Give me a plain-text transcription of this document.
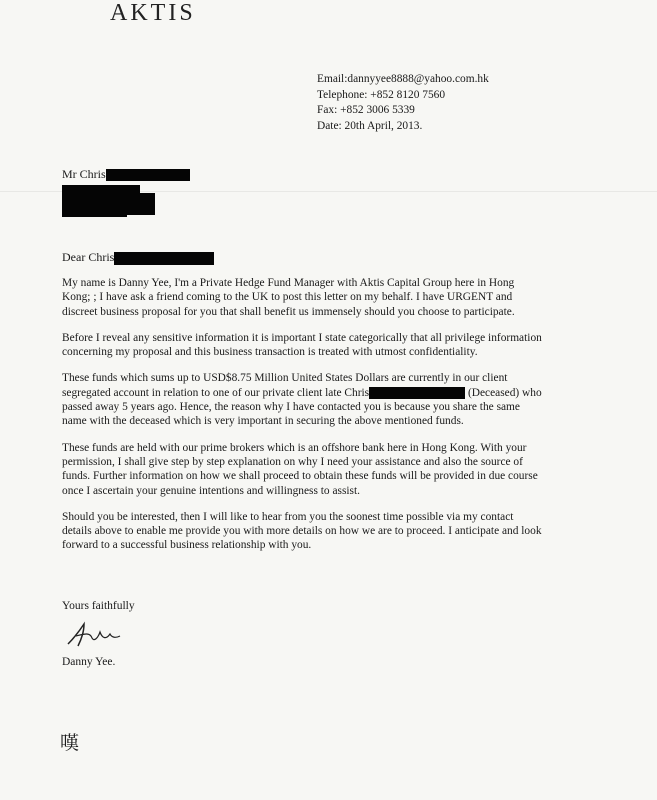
AKTIS
Email:dannyyee8888@yahoo.com.hk
Telephone: +852 8120 7560
Fax: +852 3006 5339
Date: 20th April, 2013.
Mr Chris
Dear Chris

My name is Danny Yee, I'm a Private Hedge Fund Manager with Aktis Capital Group here in Hong Kong; ; I have ask a friend coming to the UK to post this letter on my behalf. I have URGENT and discreet business proposal for you that shall benefit us immensely should you choose to participate.

Before I reveal any sensitive information it is important I state categorically that all privilege information concerning my proposal and this business transaction is treated with utmost confidentiality.

These funds which sums up to USD$8.75 Million United States Dollars are currently in our client segregated account in relation to one of our private client late Chris	(Deceased) who passed away 5 years ago. Hence, the reason why I have contacted you is because you share the same name with the deceased which is very important in securing the above mentioned funds.

These funds are held with our prime brokers which is an offshore bank here in Hong Kong. With your permission, I shall give step by step explanation on why I need your assistance and also the source of funds. Further information on how we shall proceed to obtain these funds will be provided in due course once I ascertain your genuine intentions and willingness to assist.

Should you be interested, then I will like to hear from you the soonest time possible via my contact details above to enable me provide you with more details on how we are to proceed. I anticipate and look forward to a successful business relationship with you.

Yours faithfully
Danny Yee.
嘆
